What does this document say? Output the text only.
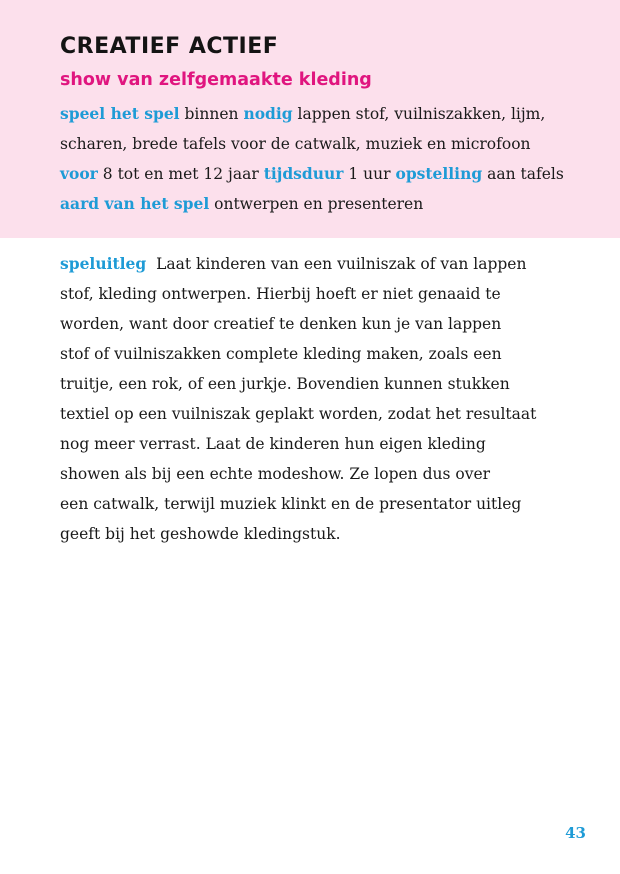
CREATIEF ACTIEF
show van zelfgemaakte kleding
speel het spel binnen nodig lappen stof, vuilniszakken, lijm,
scharen, brede tafels voor de catwalk, muziek en microfoon
voor 8 tot en met 12 jaar tijdsduur 1 uur opstelling aan tafels
aard van het spel ontwerpen en presenteren
speluitleg  Laat kinderen van een vuilniszak of van lappen
stof, kleding ontwerpen. Hierbij hoeft er niet genaaid te
worden, want door creatief te denken kun je van lappen
stof of vuilniszakken complete kleding maken, zoals een
truitje, een rok, of een jurkje. Bovendien kunnen stukken
textiel op een vuilniszak geplakt worden, zodat het resultaat
nog meer verrast. Laat de kinderen hun eigen kleding
showen als bij een echte modeshow. Ze lopen dus over
een catwalk, terwijl muziek klinkt en de presentator uitleg
geeft bij het geshowde kledingstuk.
43
